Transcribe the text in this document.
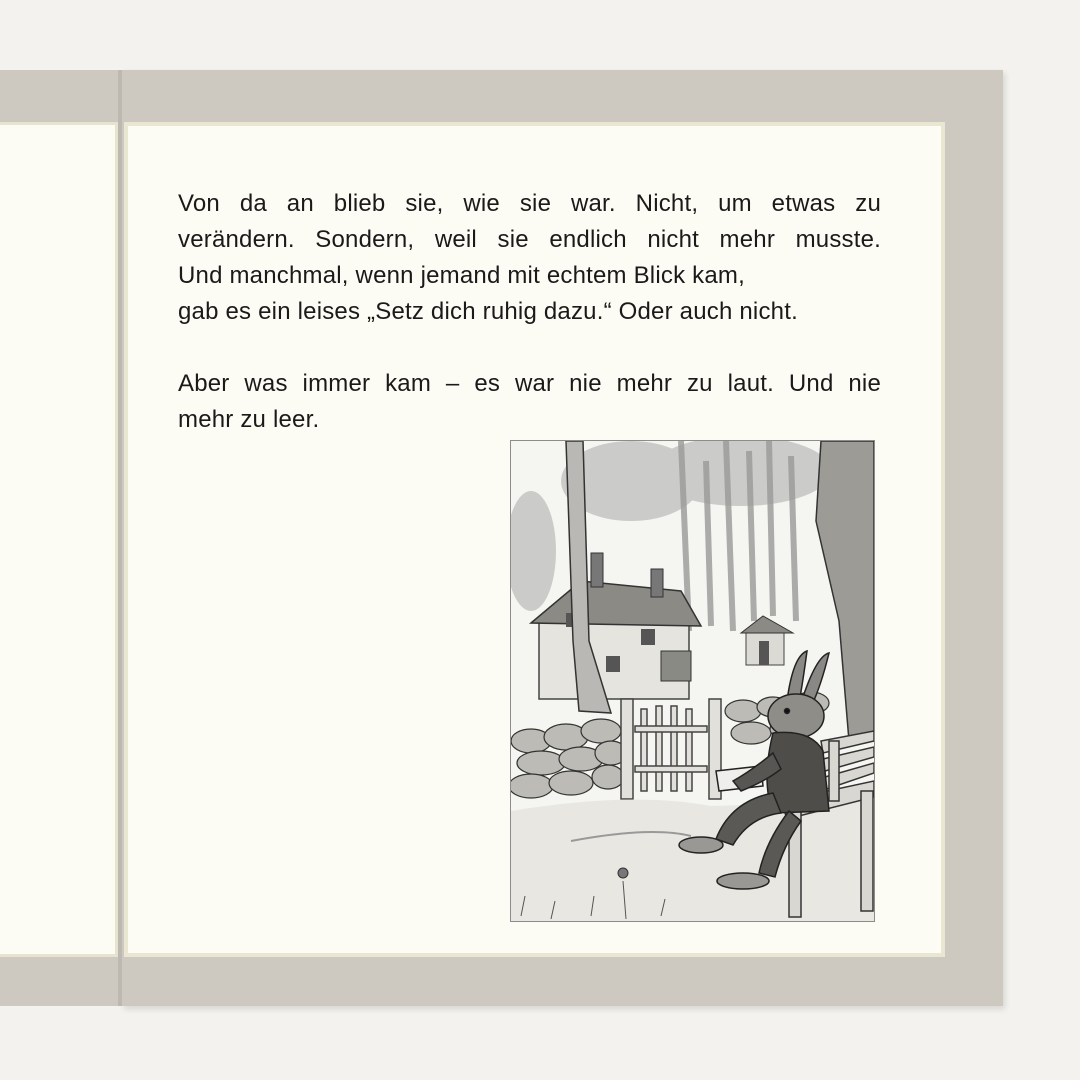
Von da an blieb sie, wie sie war. Nicht, um etwas zu

verändern. Sondern, weil sie endlich nicht mehr musste.

Und manchmal, wenn jemand mit echtem Blick kam,

gab es ein leises „Setz dich ruhig dazu.“ Oder auch nicht.

Aber was immer kam – es war nie mehr zu laut. Und nie

mehr zu leer.
